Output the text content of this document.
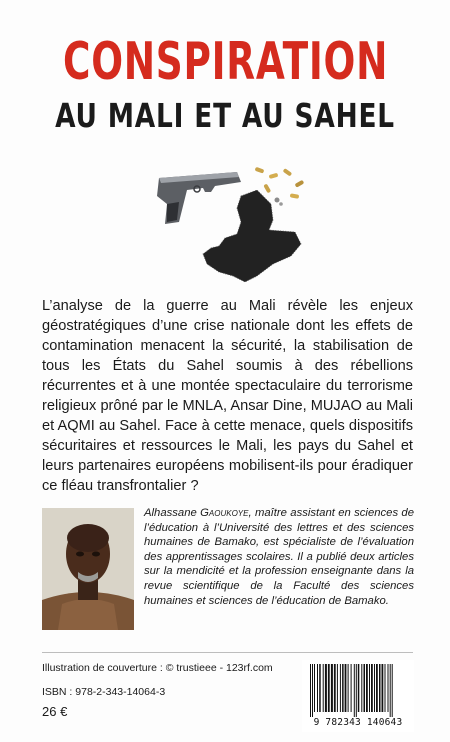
CONSPIRATION
AU MALI ET AU SAHEL
L’analyse de la guerre au Mali révèle les enjeux géostratégiques d’une crise nationale dont les effets de contamination menacent la sécurité, la stabilisation de tous les États du Sahel soumis à des rébellions récurrentes et à une montée spectaculaire du terrorisme religieux prôné par le MNLA, Ansar Dine, MUJAO au Mali et AQMI au Sahel. Face à cette menace, quels dispositifs sécuritaires et ressources le Mali, les pays du Sahel et leurs partenaires européens mobilisent-ils pour éradiquer ce fléau transfrontalier ?
Alhassane Gaoukoye, maître assistant en sciences de l’éducation à l’Université des lettres et des sciences humaines de Bamako, est spécialiste de l’évaluation des apprentissages scolaires. Il a publié deux articles sur la mendicité et la profession enseignante dans la revue scientifique de la Faculté des sciences humaines et sciences de l’éducation de Bamako.
Illustration de couverture : © trustieee - 123rf.com
ISBN : 978-2-343-14064-3
26 €
9 782343 140643
